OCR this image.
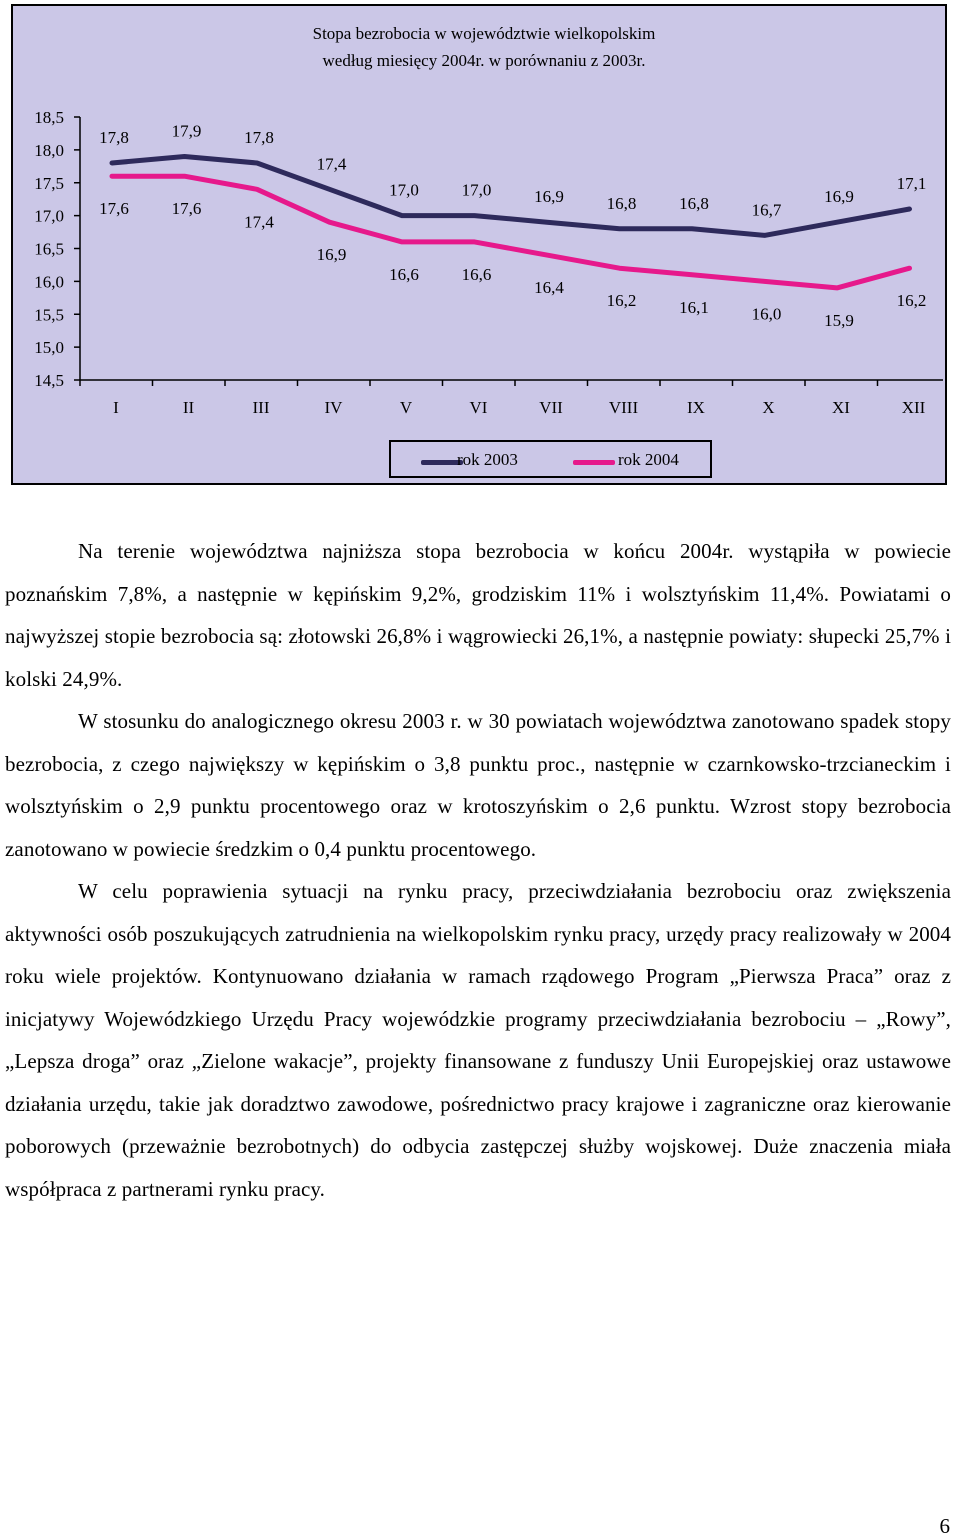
Stopa bezrobocia w województwie wielkopolskim
według miesięcy 2004r. w porównaniu z 2003r.
18,5
18,0
17,5
17,0
16,5
16,0
15,5
15,0
14,5
I	II	III	IV	V	VI	VII	VIII	IX	X	XI	XII
17,8	17,9	17,8
17,4
17,0	17,0	16,9	16,8	16,8	16,7
16,9
17,1
17,6	17,6
17,4
16,9
16,6	16,6
16,4
16,2	16,1	16,0	15,9
16,2
rok 2003	rok 2004

Na terenie województwa najniższa stopa bezrobocia w końcu 2004r. wystąpiła w powiecie poznańskim 7,8%, a następnie w kępińskim 9,2%, grodziskim 11% i wolsztyńskim 11,4%. Powiatami o najwyższej stopie bezrobocia są: złotowski 26,8% i wągrowiecki 26,1%, a następnie powiaty: słupecki 25,7% i kolski 24,9%.

W stosunku do analogicznego okresu 2003 r. w 30 powiatach województwa zanotowano spadek stopy bezrobocia, z czego największy w kępińskim o 3,8 punktu proc., następnie w czarnkowsko-trzcianeckim i wolsztyńskim o 2,9 punktu procentowego oraz w krotoszyńskim o 2,6 punktu. Wzrost stopy bezrobocia zanotowano w powiecie średzkim o 0,4 punktu procentowego.

W celu poprawienia sytuacji na rynku pracy, przeciwdziałania bezrobociu oraz zwiększenia aktywności osób poszukujących zatrudnienia na wielkopolskim rynku pracy, urzędy pracy realizowały w 2004 roku wiele projektów. Kontynuowano działania w ramach rządowego Program „Pierwsza Praca” oraz z inicjatywy Wojewódzkiego Urzędu Pracy wojewódzkie programy przeciwdziałania bezrobociu – „Rowy”, „Lepsza droga” oraz „Zielone wakacje”, projekty finansowane z funduszy Unii Europejskiej oraz ustawowe działania urzędu, takie jak doradztwo zawodowe, pośrednictwo pracy krajowe i zagraniczne oraz kierowanie poborowych (przeważnie bezrobotnych) do odbycia zastępczej służby wojskowej. Duże znaczenia miała współpraca z partnerami rynku pracy.

6
